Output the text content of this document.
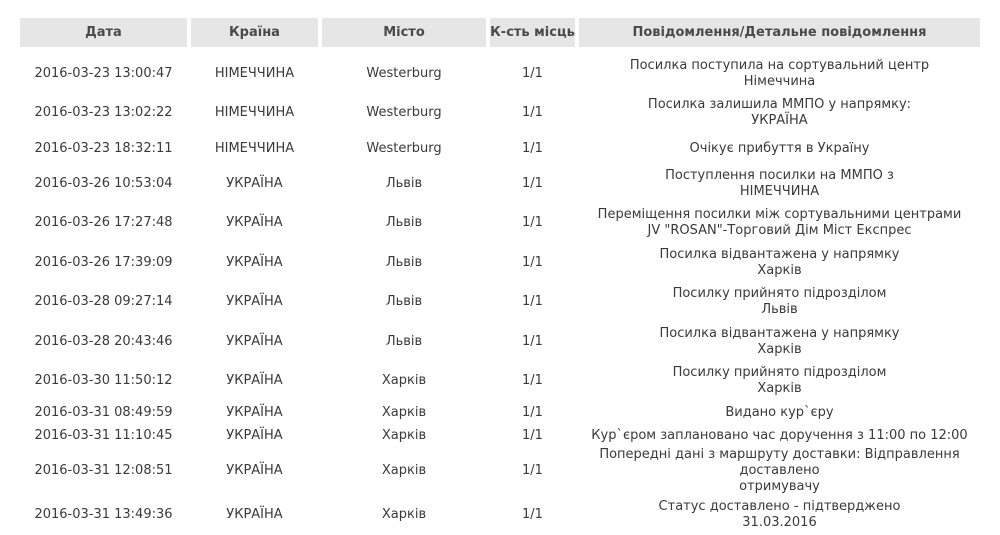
Дата	Країна	Місто	К-сть місць	Повідомлення/Детальне повідомлення

2016-03-23 13:00:47	НІМЕЧЧИНА	Westerburg	1/1	Посилка поступила на сортувальний центр
Німеччина

2016-03-23 13:02:22	НІМЕЧЧИНА	Westerburg	1/1	Посилка залишила ММПО у напрямку:
УКРАЇНА

2016-03-23 18:32:11	НІМЕЧЧИНА	Westerburg	1/1	Очікує прибуття в Україну

2016-03-26 10:53:04	УКРАЇНА	Львів	1/1	Поступлення посилки на ММПО з
НІМЕЧЧИНА

2016-03-26 17:27:48	УКРАЇНА	Львів	1/1	Переміщення посилки між сортувальними центрами
JV "ROSAN"-Торговий Дім Міст Експрес

2016-03-26 17:39:09	УКРАЇНА	Львів	1/1	Посилка відвантажена у напрямку
Харків

2016-03-28 09:27:14	УКРАЇНА	Львів	1/1	Посилку прийнято підрозділом
Львів

2016-03-28 20:43:46	УКРАЇНА	Львів	1/1	Посилка відвантажена у напрямку
Харків

2016-03-30 11:50:12	УКРАЇНА	Харків	1/1	Посилку прийнято підрозділом
Харків

2016-03-31 08:49:59	УКРАЇНА	Харків	1/1	Видано кур`єру

2016-03-31 11:10:45	УКРАЇНА	Харків	1/1	Кур`єром заплановано час доручення з 11:00 по 12:00

2016-03-31 12:08:51	УКРАЇНА	Харків	1/1	Попередні дані з маршруту доставки: Відправлення доставлено
отримувачу

2016-03-31 13:49:36	УКРАЇНА	Харків	1/1	Статус доставлено - підтверджено
31.03.2016
